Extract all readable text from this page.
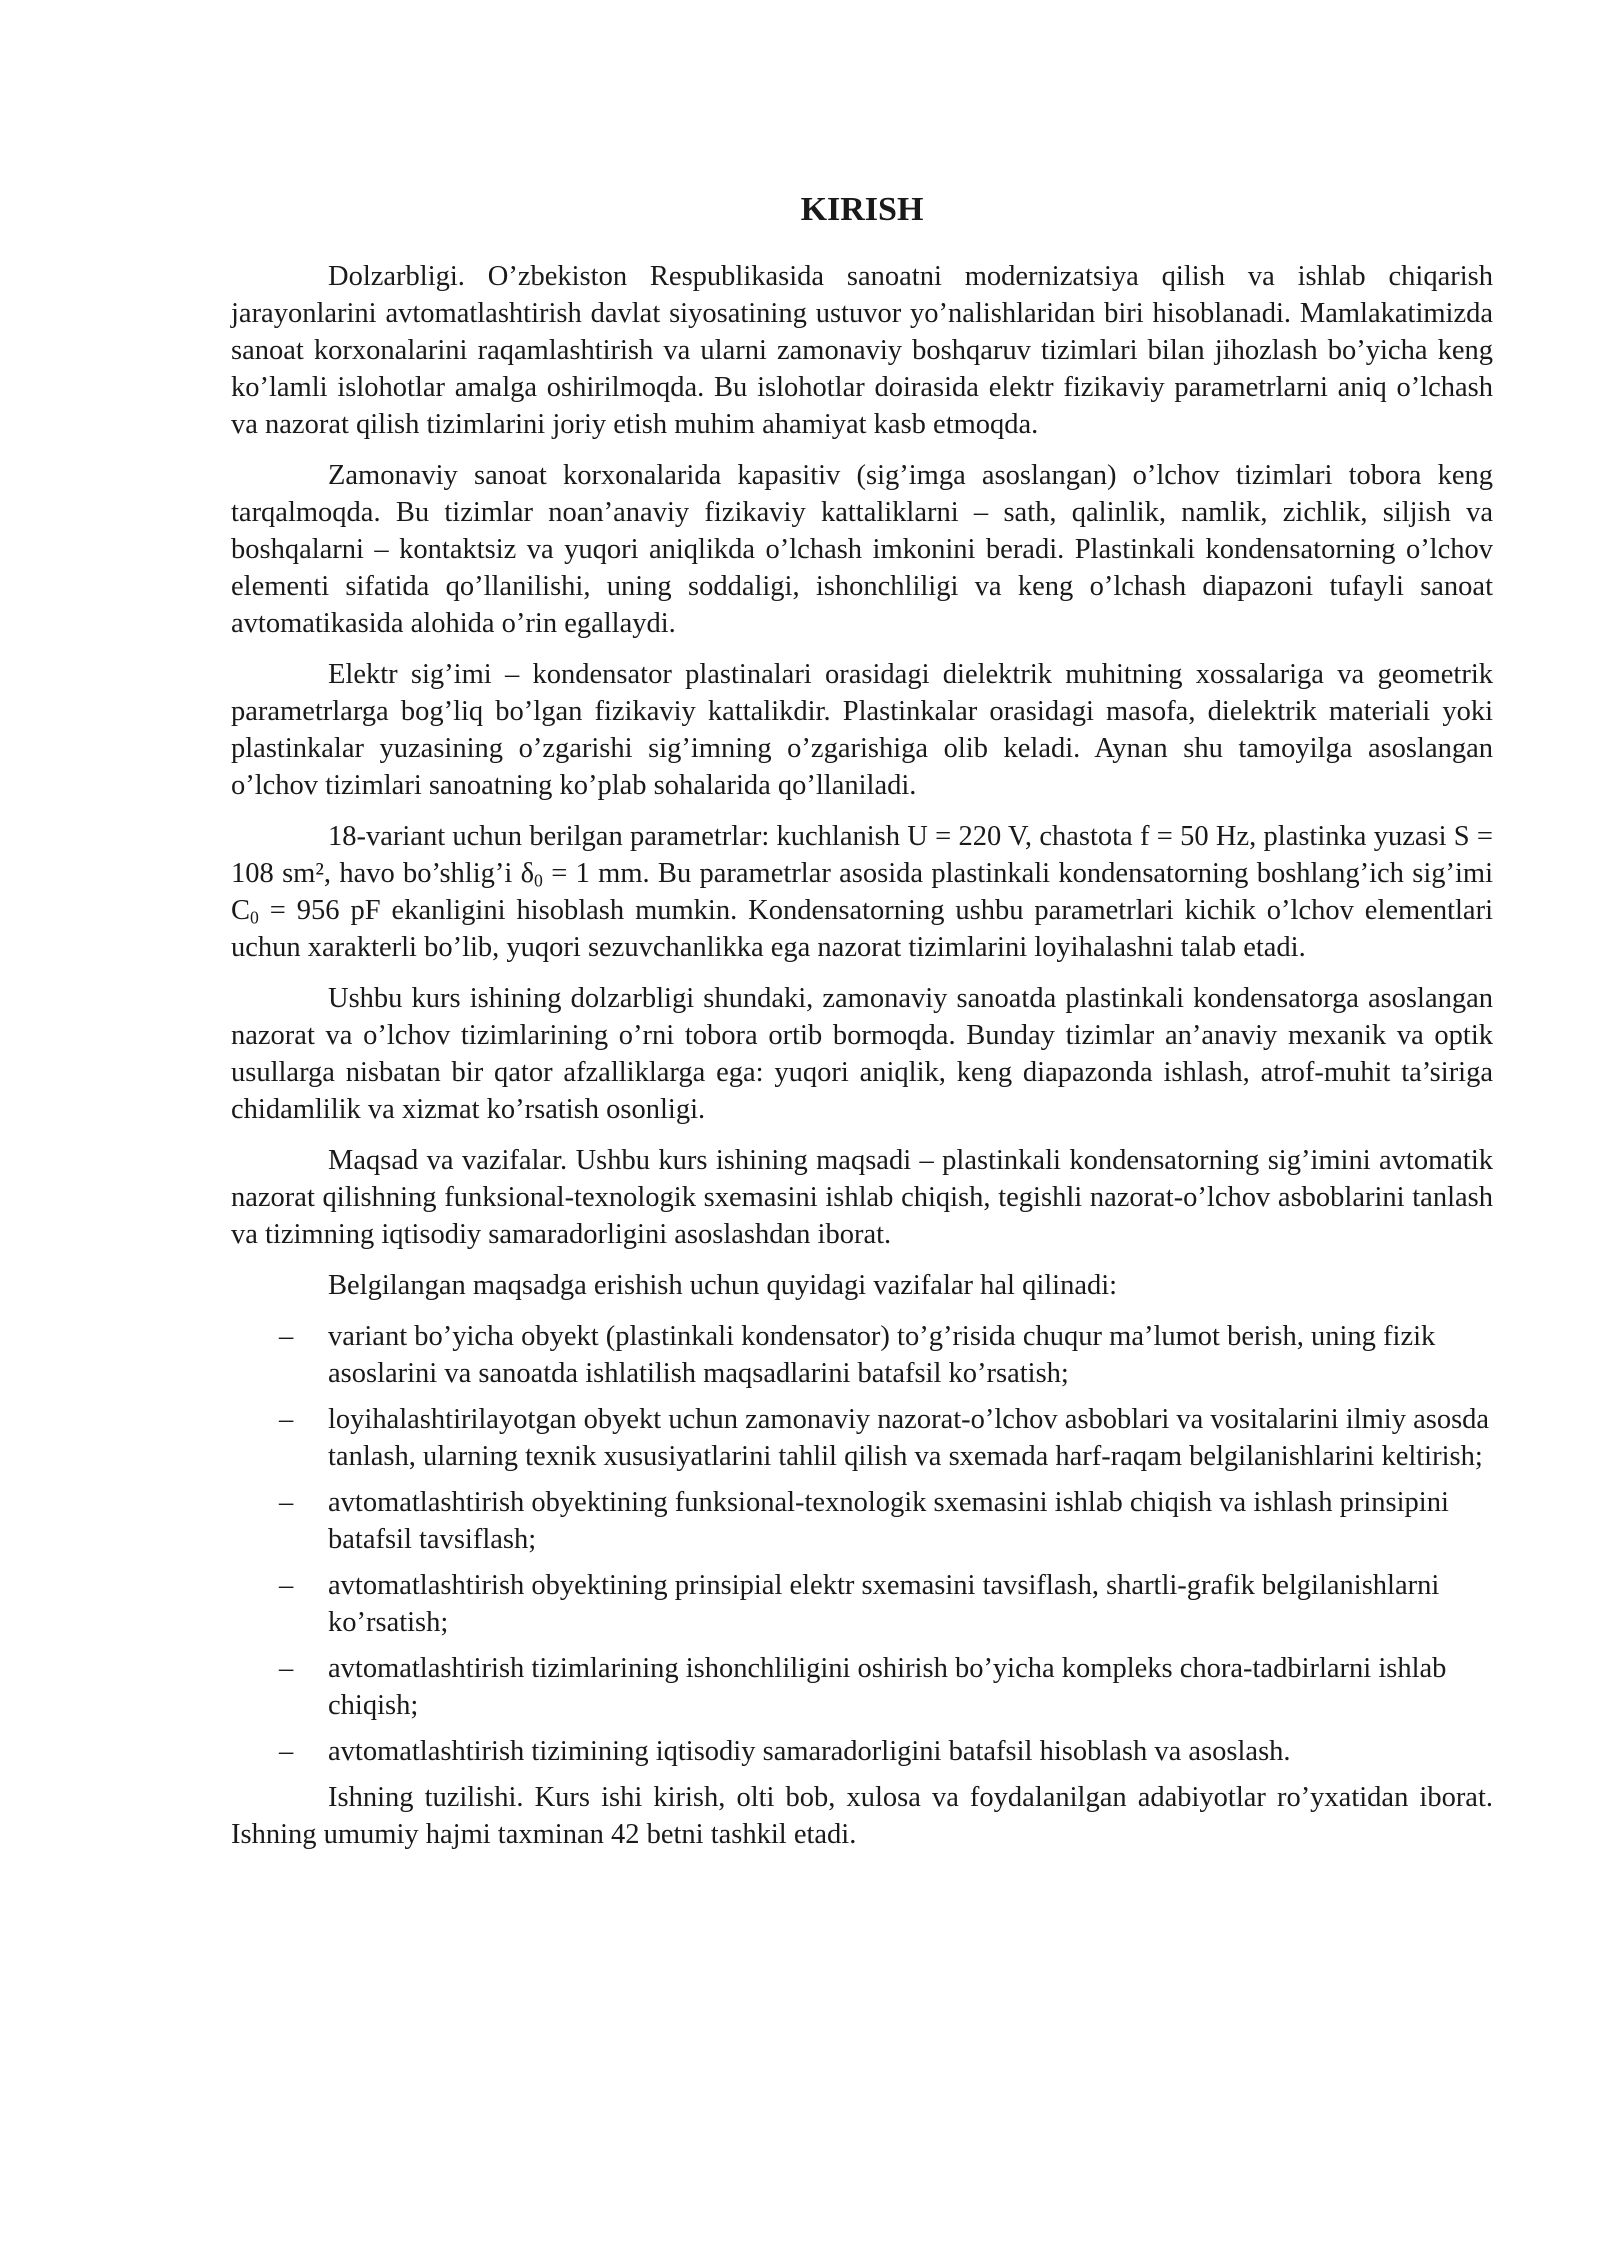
KIRISH

Dolzarbligi. O’zbekiston Respublikasida sanoatni modernizatsiya qilish va ishlab chiqarish jarayonlarini avtomatlashtirish davlat siyosatining ustuvor yo’nalishlaridan biri hisoblanadi. Mamlakatimizda sanoat korxonalarini raqamlashtirish va ularni zamonaviy boshqaruv tizimlari bilan jihozlash bo’yicha keng ko’lamli islohotlar amalga oshirilmoqda. Bu islohotlar doirasida elektr fizikaviy parametrlarni aniq o’lchash va nazorat qilish tizimlarini joriy etish muhim ahamiyat kasb etmoqda.

Zamonaviy sanoat korxonalarida kapasitiv (sig’imga asoslangan) o’lchov tizimlari tobora keng tarqalmoqda. Bu tizimlar noan’anaviy fizikaviy kattaliklarni – sath, qalinlik, namlik, zichlik, siljish va boshqalarni – kontaktsiz va yuqori aniqlikda o’lchash imkonini beradi. Plastinkali kondensatorning o’lchov elementi sifatida qo’llanilishi, uning soddaligi, ishonchliligi va keng o’lchash diapazoni tufayli sanoat avtomatikasida alohida o’rin egallaydi.

Elektr sig’imi – kondensator plastinalari orasidagi dielektrik muhitning xossalariga va geometrik parametrlarga bog’liq bo’lgan fizikaviy kattalikdir. Plastinkalar orasidagi masofa, dielektrik materiali yoki plastinkalar yuzasining o’zgarishi sig’imning o’zgarishiga olib keladi. Aynan shu tamoyilga asoslangan o’lchov tizimlari sanoatning ko’plab sohalarida qo’llaniladi.

18-variant uchun berilgan parametrlar: kuchlanish U = 220 V, chastota f = 50 Hz, plastinka yuzasi S = 108 sm², havo bo’shlig’i $\delta_0 = 1$ mm. Bu parametrlar asosida plastinkali kondensatorning boshlang’ich sig’imi $C_0 = 956$ pF ekanligini hisoblash mumkin. Kondensatorning ushbu parametrlari kichik o’lchov elementlari uchun xarakterli bo’lib, yuqori sezuvchanlikka ega nazorat tizimlarini loyihalashni talab etadi.

Ushbu kurs ishining dolzarbligi shundaki, zamonaviy sanoatda plastinkali kondensatorga asoslangan nazorat va o’lchov tizimlarining o’rni tobora ortib bormoqda. Bunday tizimlar an’anaviy mexanik va optik usullarga nisbatan bir qator afzalliklarga ega: yuqori aniqlik, keng diapazonda ishlash, atrof-muhit ta’siriga chidamlilik va xizmat ko’rsatish osonligi.

Maqsad va vazifalar. Ushbu kurs ishining maqsadi – plastinkali kondensatorning sig’imini avtomatik nazorat qilishning funksional-texnologik sxemasini ishlab chiqish, tegishli nazorat-o’lchov asboblarini tanlash va tizimning iqtisodiy samaradorligini asoslashdan iborat.

Belgilangan maqsadga erishish uchun quyidagi vazifalar hal qilinadi:

– variant bo’yicha obyekt (plastinkali kondensator) to’g’risida chuqur ma’lumot berish, uning fizik asoslarini va sanoatda ishlatilish maqsadlarini batafsil ko’rsatish;
– loyihalashtirilayotgan obyekt uchun zamonaviy nazorat-o’lchov asboblari va vositalarini ilmiy asosda tanlash, ularning texnik xususiyatlarini tahlil qilish va sxemada harf-raqam belgilanishlarini keltirish;
– avtomatlashtirish obyektining funksional-texnologik sxemasini ishlab chiqish va ishlash prinsipini batafsil tavsiflash;
– avtomatlashtirish obyektining prinsipial elektr sxemasini tavsiflash, shartli-grafik belgilanishlarni ko’rsatish;
– avtomatlashtirish tizimlarining ishonchliligini oshirish bo’yicha kompleks chora-tadbirlarni ishlab chiqish;
– avtomatlashtirish tizimining iqtisodiy samaradorligini batafsil hisoblash va asoslash.

Ishning tuzilishi. Kurs ishi kirish, olti bob, xulosa va foydalanilgan adabiyotlar ro’yxatidan iborat. Ishning umumiy hajmi taxminan 42 betni tashkil etadi.
